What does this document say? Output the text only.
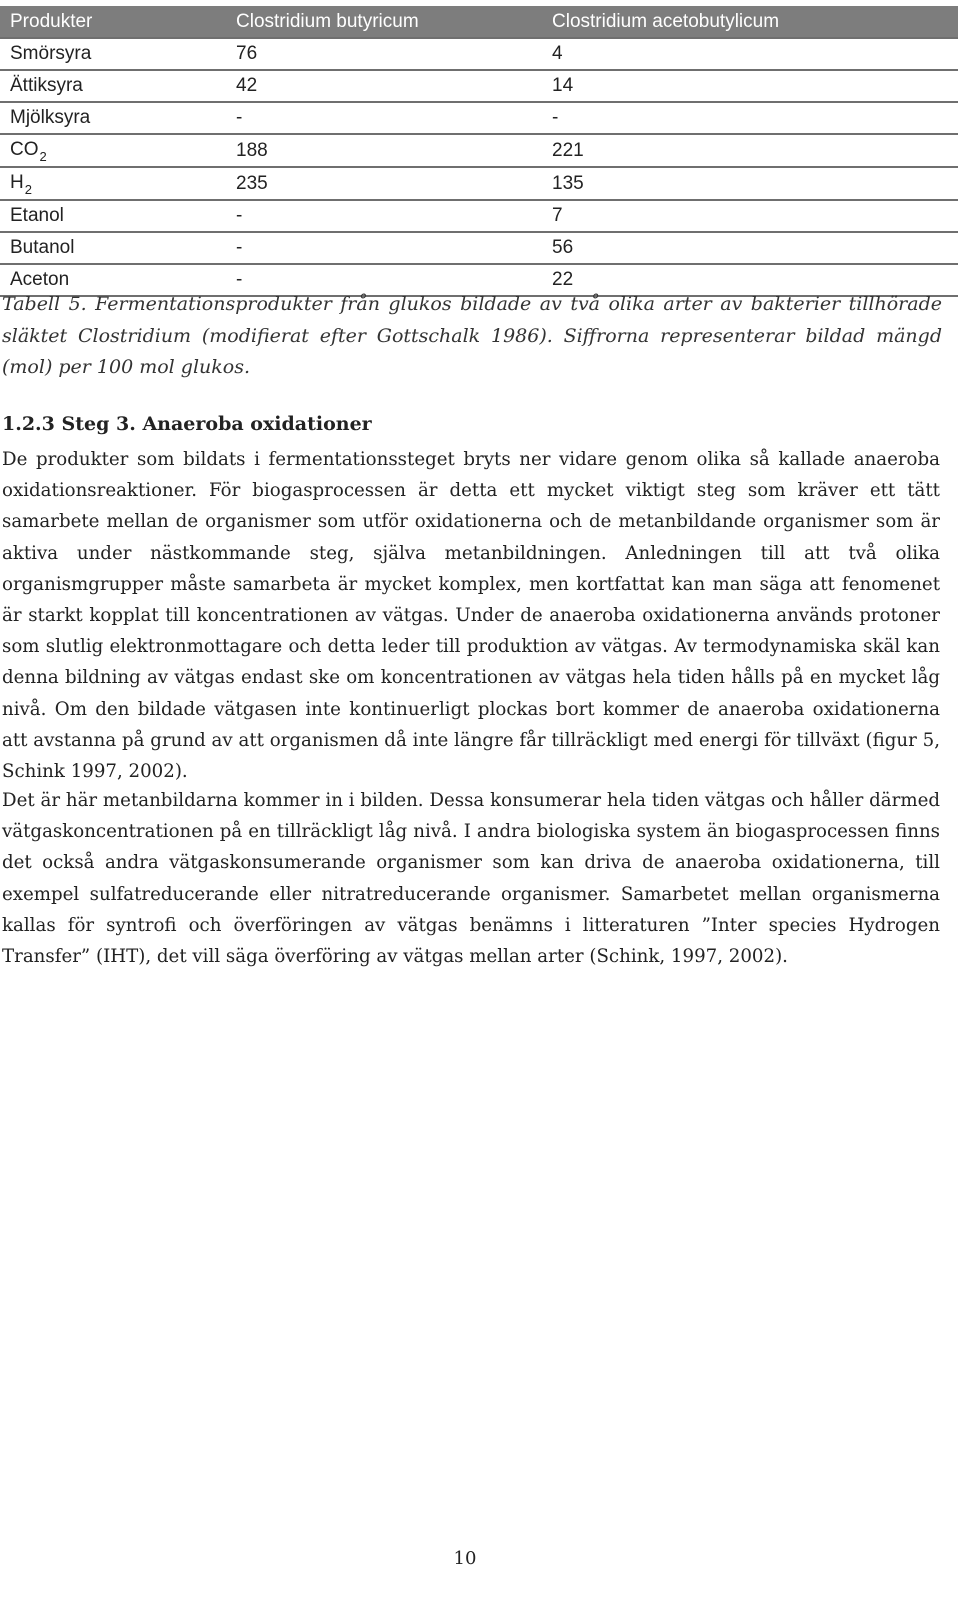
Produkter	Clostridium butyricum	Clostridium acetobutylicum
Smörsyra	76	4
Ättiksyra	42	14
Mjölksyra	-	-
$CO_2$	188	221
$H_2$	235	135
Etanol	-	7
Butanol	-	56
Aceton	-	22
Tabell 5. Fermentationsprodukter från glukos bildade av två olika arter av bakterier tillhörade släktet Clostridium (modifierat efter Gottschalk 1986). Siffrorna representerar bildad mängd (mol) per 100 mol glukos.
1.2.3 Steg 3. Anaeroba oxidationer

De produkter som bildats i fermentationssteget bryts ner vidare genom olika så kallade anaeroba oxidationsreaktioner. För biogasprocessen är detta ett mycket viktigt steg som kräver ett tätt samarbete mellan de organismer som utför oxidationerna och de metanbildande organismer som är aktiva under nästkommande steg, själva metanbildningen. Anledningen till att två olika organismgrupper måste samarbeta är mycket komplex, men kortfattat kan man säga att fenomenet är starkt kopplat till koncentrationen av vätgas. Under de anaeroba oxidationerna används protoner som slutlig elektronmottagare och detta leder till produktion av vätgas. Av termodynamiska skäl kan denna bildning av vätgas endast ske om koncentrationen av vätgas hela tiden hålls på en mycket låg nivå. Om den bildade vätgasen inte kontinuerligt plockas bort kommer de anaeroba oxidationerna att avstanna på grund av att organismen då inte längre får tillräckligt med energi för tillväxt (figur 5, Schink 1997, 2002).

Det är här metanbildarna kommer in i bilden. Dessa konsumerar hela tiden vätgas och håller därmed vätgaskoncentrationen på en tillräckligt låg nivå. I andra biologiska system än biogasprocessen finns det också andra vätgaskonsumerande organismer som kan driva de anaeroba oxidationerna, till exempel sulfatreducerande eller nitratreducerande organismer. Samarbetet mellan organismerna kallas för syntrofi och överföringen av vätgas benämns i litteraturen ”Inter species Hydrogen Transfer” (IHT), det vill säga överföring av vätgas mellan arter (Schink, 1997, 2002).

10
